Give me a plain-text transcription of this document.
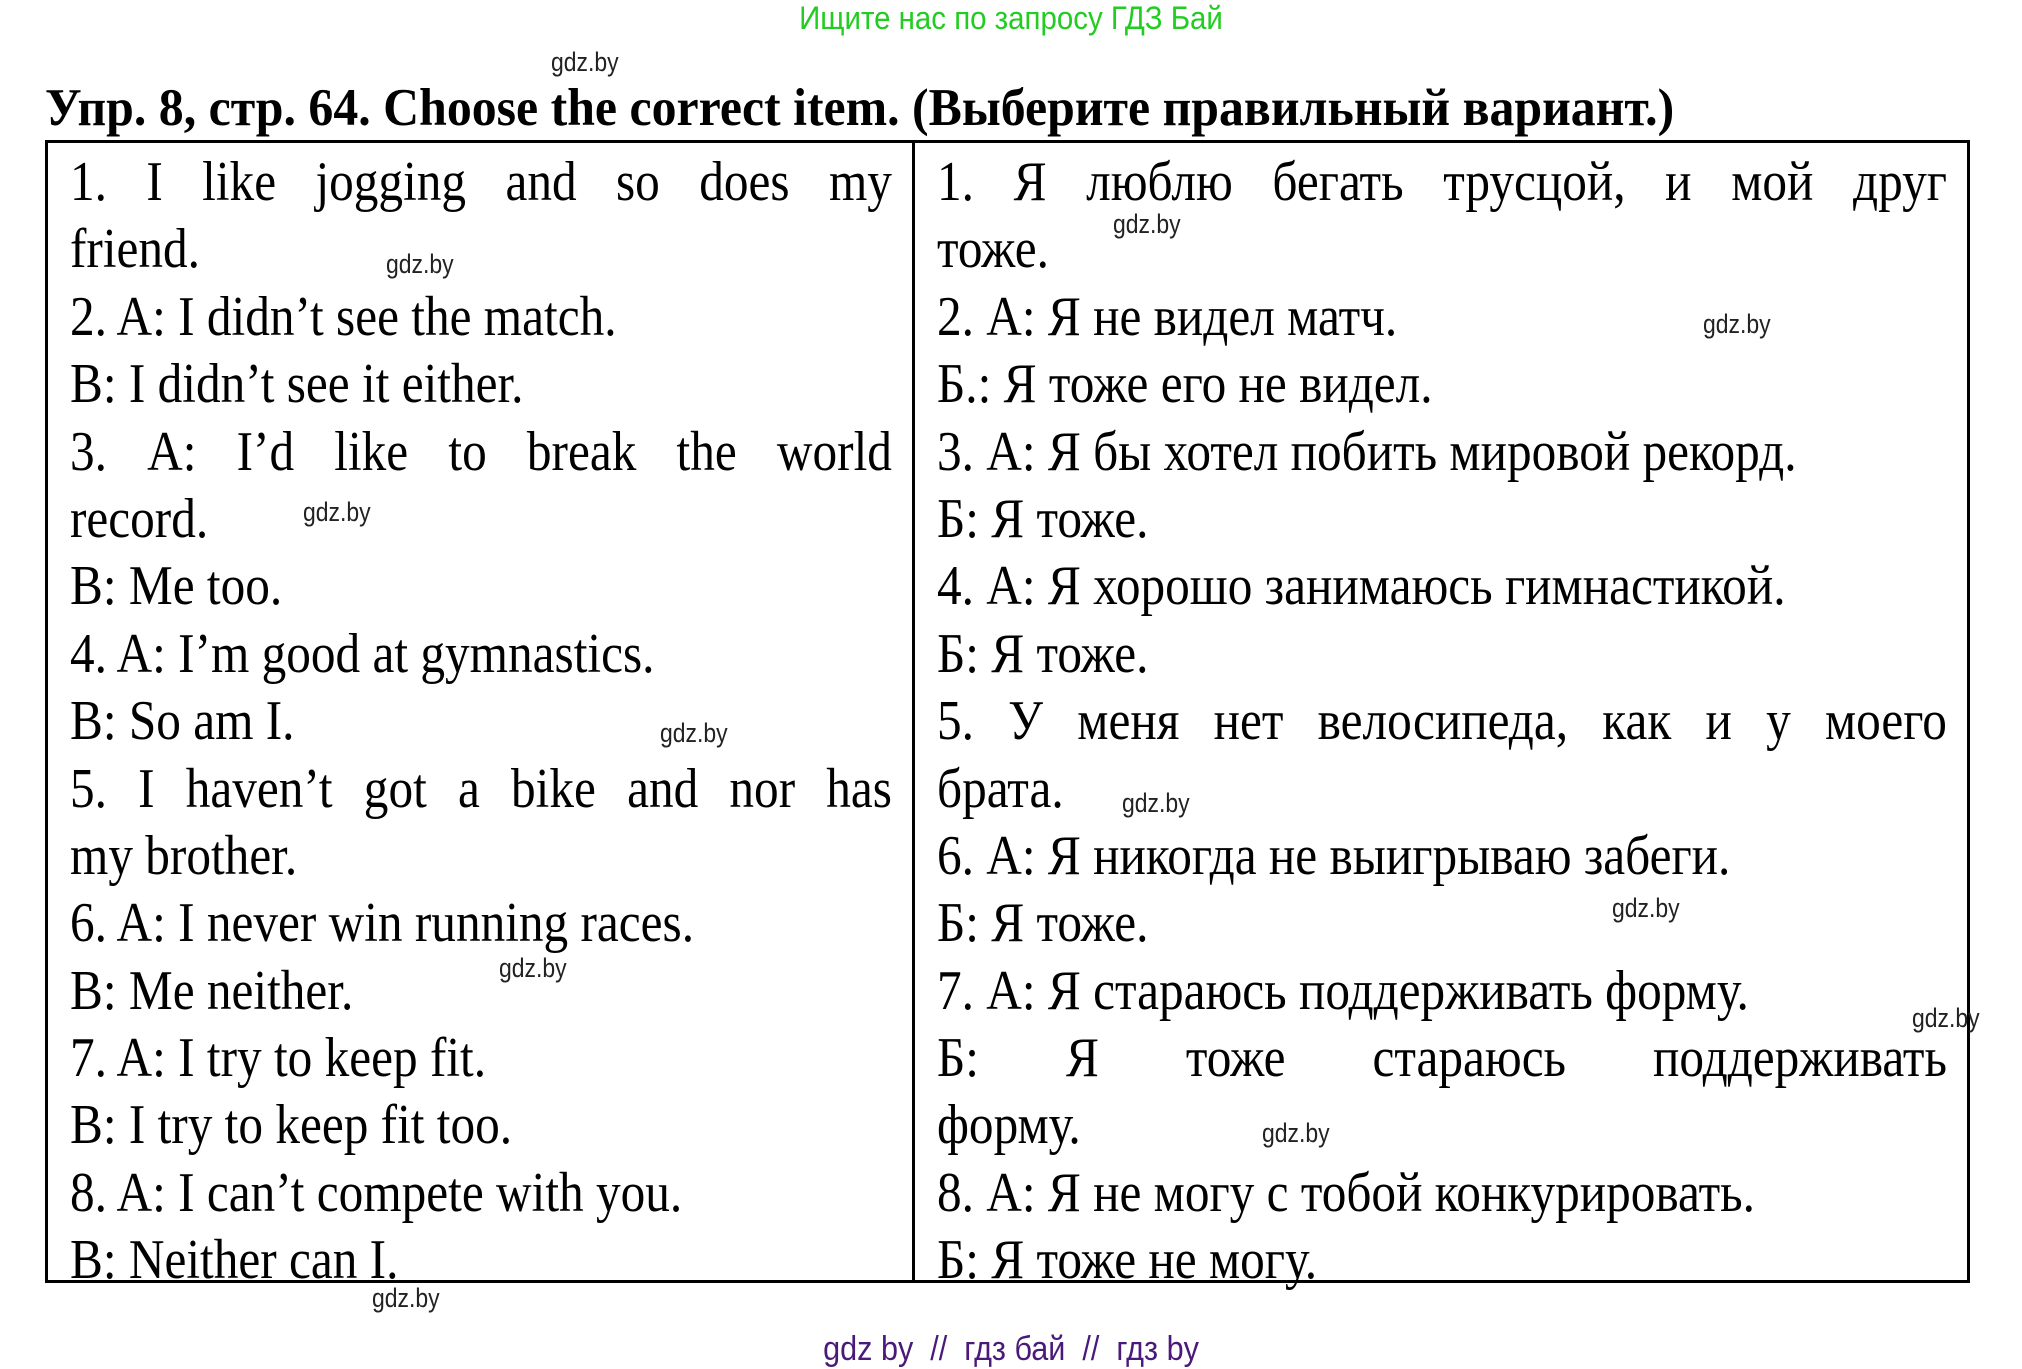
Ищите нас по запросу ГДЗ Бай
Упр. 8, стр. 64. Choose the correct item. (Выберите правильный вариант.)
1. I like jogging and so does my
friend.
2. A: I didn’t see the match.
B: I didn’t see it either.
3. A: I’d like to break the world
record.
B: Me too.
4. A: I’m good at gymnastics.
B: So am I.
5. I haven’t got a bike and nor has
my brother.
6. A: I never win running races.
B: Me neither.
7. A: I try to keep fit.
B: I try to keep fit too.
8. A: I can’t compete with you.
B: Neither can I.
1. Я люблю бегать трусцой, и мой друг
тоже.
2. А: Я не видел матч.
Б.: Я тоже его не видел.
3. А: Я бы хотел побить мировой рекорд.
Б: Я тоже.
4. А: Я хорошо занимаюсь гимнастикой.
Б: Я тоже.
5. У меня нет велосипеда, как и у моего
брата.
6. А: Я никогда не выигрываю забеги.
Б: Я тоже.
7. А: Я стараюсь поддерживать форму.
Б: Я тоже стараюсь поддерживать
форму.
8. А: Я не могу с тобой конкурировать.
Б: Я тоже не могу.
gdz.by
gdz.by
gdz.by
gdz.by
gdz.by
gdz.by
gdz.by
gdz.by
gdz.by
gdz.by
gdz.by
gdz.by
gdz by  //  гдз бай  //  гдз by
